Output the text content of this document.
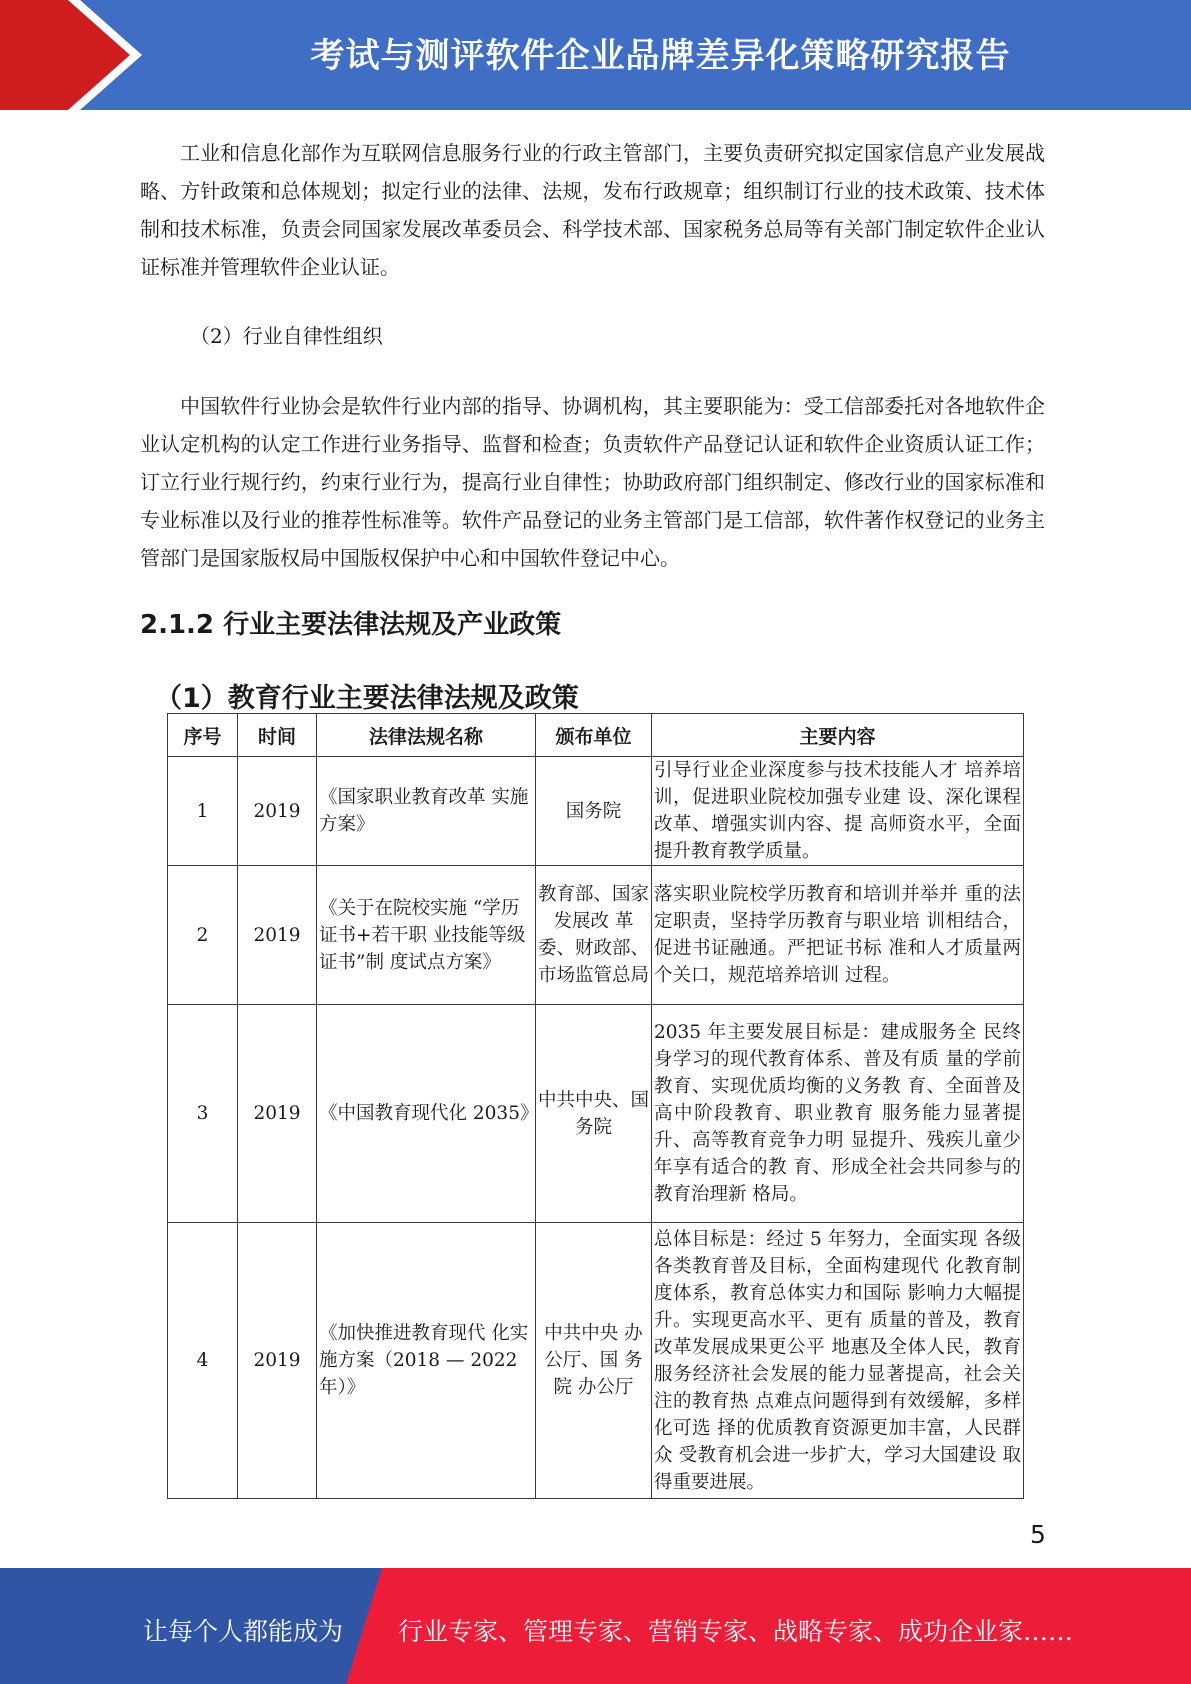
考试与测评软件企业品牌差异化策略研究报告

工业和信息化部作为互联网信息服务行业的行政主管部门，主要负责研究拟定国家信息产业发展战略、方针政策和总体规划；拟定行业的法律、法规，发布行政规章；组织制订行业的技术政策、技术体制和技术标准，负责会同国家发展改革委员会、科学技术部、国家税务总局等有关部门制定软件企业认证标准并管理软件企业认证。

（2）行业自律性组织

中国软件行业协会是软件行业内部的指导、协调机构，其主要职能为：受工信部委托对各地软件企业认定机构的认定工作进行业务指导、监督和检查；负责软件产品登记认证和软件企业资质认证工作；订立行业行规行约，约束行业行为，提高行业自律性；协助政府部门组织制定、修改行业的国家标准和专业标准以及行业的推荐性标准等。软件产品登记的业务主管部门是工信部，软件著作权登记的业务主管部门是国家版权局中国版权保护中心和中国软件登记中心。

2.1.2 行业主要法律法规及产业政策
（1）教育行业主要法律法规及政策
序号	时间	法律法规名称	颁布单位	主要内容
1	2019	《国家职业教育改革 实施方案》	国务院	引导行业企业深度参与技术技能人才 培养培训，促进职业院校加强专业建 设、深化课程改革、增强实训内容、提 高师资水平，全面提升教育教学质量。
2	2019	《关于在院校实施 “学历证书+若干职 业技能等级证书”制 度试点方案》	教育部、国家发展改 革委、财政部、市场监管总局	落实职业院校学历教育和培训并举并 重的法定职责，坚持学历教育与职业培 训相结合，促进书证融通。严把证书标 准和人才质量两个关口，规范培养培训 过程。
3	2019	《中国教育现代化 2035》	中共中央、国务院	2035 年主要发展目标是：建成服务全 民终身学习的现代教育体系、普及有质 量的学前教育、实现优质均衡的义务教 育、全面普及高中阶段教育、职业教育 服务能力显著提升、高等教育竞争力明 显提升、残疾儿童少年享有适合的教 育、形成全社会共同参与的教育治理新 格局。
4	2019	《加快推进教育现代 化实施方案（2018 — 2022 年）》	中共中央 办公厅、国 务院 办公厅	总体目标是：经过 5 年努力，全面实现 各级各类教育普及目标，全面构建现代 化教育制度体系，教育总体实力和国际 影响力大幅提升。实现更高水平、更有 质量的普及，教育改革发展成果更公平 地惠及全体人民，教育服务经济社会发展的能力显著提高，社会关注的教育热 点难点问题得到有效缓解，多样化可选 择的优质教育资源更加丰富，人民群众 受教育机会进一步扩大，学习大国建设 取得重要进展。
5
让每个人都能成为 行业专家、管理专家、营销专家、战略专家、成功企业家……
